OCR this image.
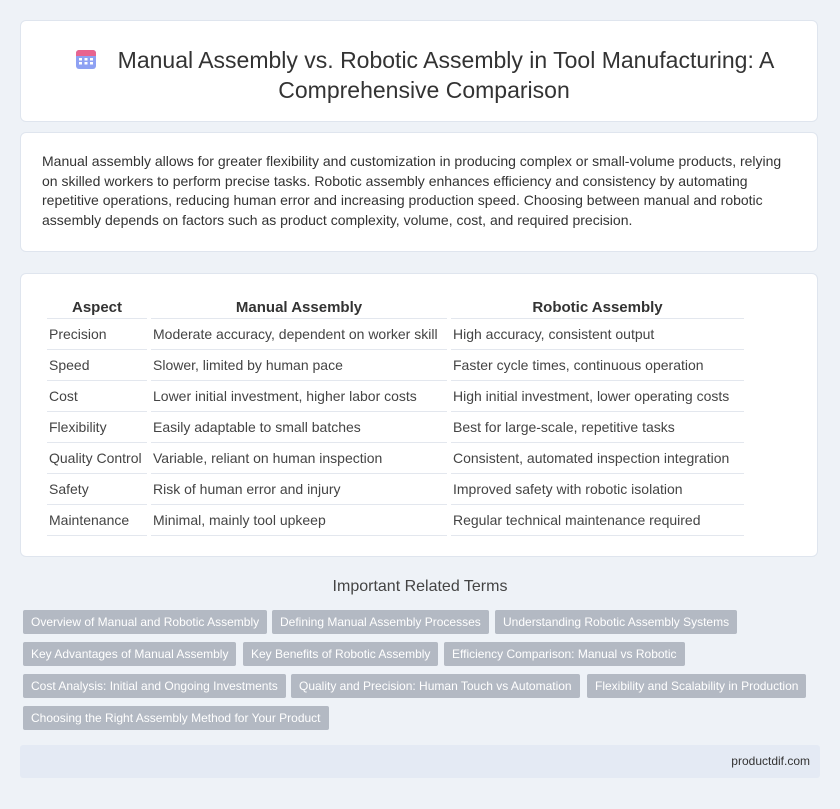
Manual Assembly vs. Robotic Assembly in Tool Manufacturing: A Comprehensive Comparison

Manual assembly allows for greater flexibility and customization in producing complex or small-volume products, relying on skilled workers to perform precise tasks. Robotic assembly enhances efficiency and consistency by automating repetitive operations, reducing human error and increasing production speed. Choosing between manual and robotic assembly depends on factors such as product complexity, volume, cost, and required precision.

Aspect	Manual Assembly	Robotic Assembly
Precision	Moderate accuracy, dependent on worker skill	High accuracy, consistent output
Speed	Slower, limited by human pace	Faster cycle times, continuous operation
Cost	Lower initial investment, higher labor costs	High initial investment, lower operating costs
Flexibility	Easily adaptable to small batches	Best for large-scale, repetitive tasks
Quality Control	Variable, reliant on human inspection	Consistent, automated inspection integration
Safety	Risk of human error and injury	Improved safety with robotic isolation
Maintenance	Minimal, mainly tool upkeep	Regular technical maintenance required
Important Related Terms
Overview of Manual and Robotic Assembly	Defining Manual Assembly Processes	Understanding Robotic Assembly Systems
Key Advantages of Manual Assembly	Key Benefits of Robotic Assembly	Efficiency Comparison: Manual vs Robotic
Cost Analysis: Initial and Ongoing Investments	Quality and Precision: Human Touch vs Automation	Flexibility and Scalability in Production
Choosing the Right Assembly Method for Your Product
productdif.com
